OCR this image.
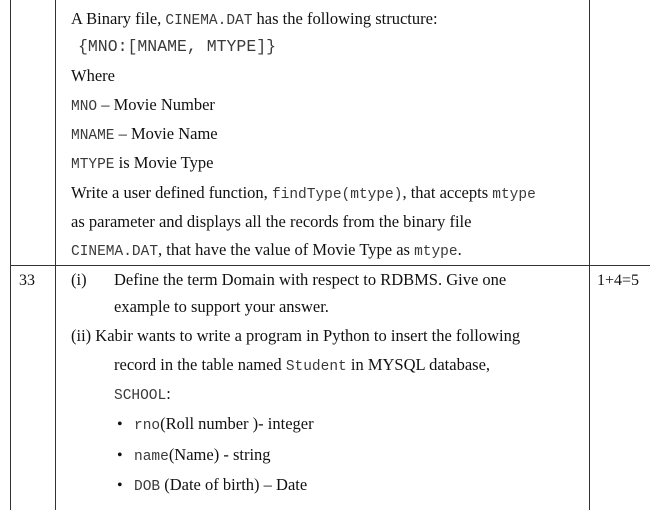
A Binary file, CINEMA.DAT has the following structure:
{MNO:[MNAME, MTYPE]}
Where
MNO – Movie Number
MNAME – Movie Name
MTYPE is Movie Type
Write a user defined function, findType(mtype), that accepts mtype
as parameter and displays all the records from the binary file
CINEMA.DAT, that have the value of Movie Type as mtype.
33	1+4=5
(i) Define the term Domain with respect to RDBMS. Give one
example to support your answer.
(ii) Kabir wants to write a program in Python to insert the following
record in the table named Student in MYSQL database,
SCHOOL:
• rno(Roll number )- integer
• name(Name) - string
• DOB (Date of birth) – Date
